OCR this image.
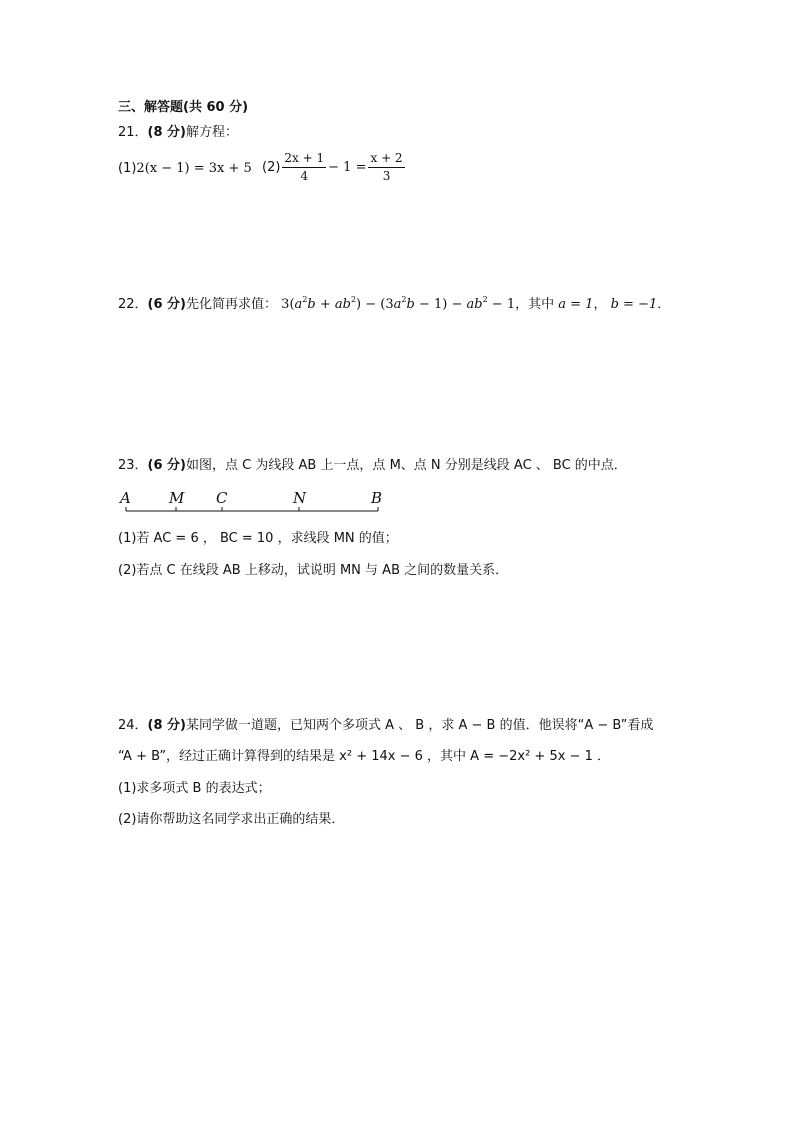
三、解答题(共 60 分)
21．(8 分)解方程：
(1)2(x − 1) = 3x + 5 $(2) \frac{2x + 1}{4} - 1 = \frac{x + 2}{3}$
22．(6 分)先化简再求值： $3(a^2b + ab^2) - (3a^2b - 1) - ab^2 - 1$，其中 a = 1， b = −1．
23．(6 分)如图，点 C 为线段 AB 上一点，点 M、点 N 分别是线段 AC 、 BC 的中点．
A	M C	N	B
(1)若 AC = 6 ， BC = 10 ，求线段 MN 的值；
(2)若点 C 在线段 AB 上移动，试说明 MN 与 AB 之间的数量关系．
24．(8 分)某同学做一道题，已知两个多项式 A 、 B ，求 A − B 的值．他误将“A − B”看成
“A + B”，经过正确计算得到的结果是 x² + 14x − 6 ，其中 A = −2x² + 5x − 1 ．
(1)求多项式 B 的表达式；
(2)请你帮助这名同学求出正确的结果．
